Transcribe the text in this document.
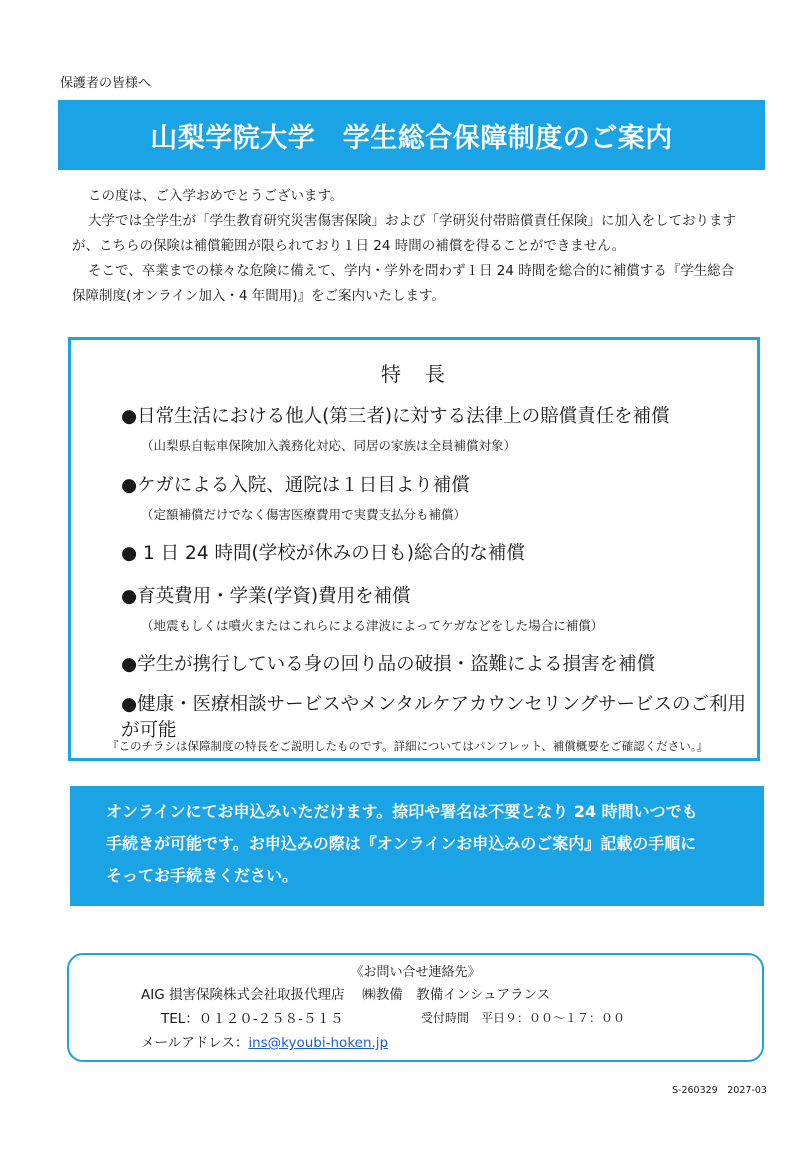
保護者の皆様へ
山梨学院大学　学生総合保障制度のご案内

この度は、ご入学おめでとうございます。

大学では全学生が「学生教育研究災害傷害保険」および「学研災付帯賠償責任保険」に加入をしております

が、こちらの保険は補償範囲が限られており１日 24 時間の補償を得ることができません。

そこで、卒業までの様々な危険に備えて、学内・学外を問わず１日 24 時間を総合的に補償する『学生総合

保障制度(オンライン加入・4 年間用)』をご案内いたします。

特　長
●日常生活における他人(第三者)に対する法律上の賠償責任を補償
（山梨県自転車保険加入義務化対応、同居の家族は全員補償対象）
●ケガによる入院、通院は１日目より補償
（定額補償だけでなく傷害医療費用で実費支払分も補償）
● 1 日 24 時間(学校が休みの日も)総合的な補償
●育英費用・学業(学資)費用を補償
（地震もしくは噴火またはこれらによる津波によってケガなどをした場合に補償）
●学生が携行している身の回り品の破損・盗難による損害を補償
●健康・医療相談サービスやメンタルケアカウンセリングサービスのご利用が可能
『このチラシは保障制度の特長をご説明したものです。詳細についてはパンフレット、補償概要をご確認ください。』

オンラインにてお申込みいただけます。捺印や署名は不要となり 24 時間いつでも

手続きが可能です。お申込みの際は『オンラインお申込みのご案内』記載の手順に

そってお手続きください。

《お問い合せ連絡先》
AIG 損害保険株式会社取扱代理店　 ㈱教備　教備インシュアランス
TEL：０１２０-２５８-５１５	受付時間　平日９：００～１７：００
メールアドレス：ins@kyoubi-hoken.jp
S-260329　2027-03
